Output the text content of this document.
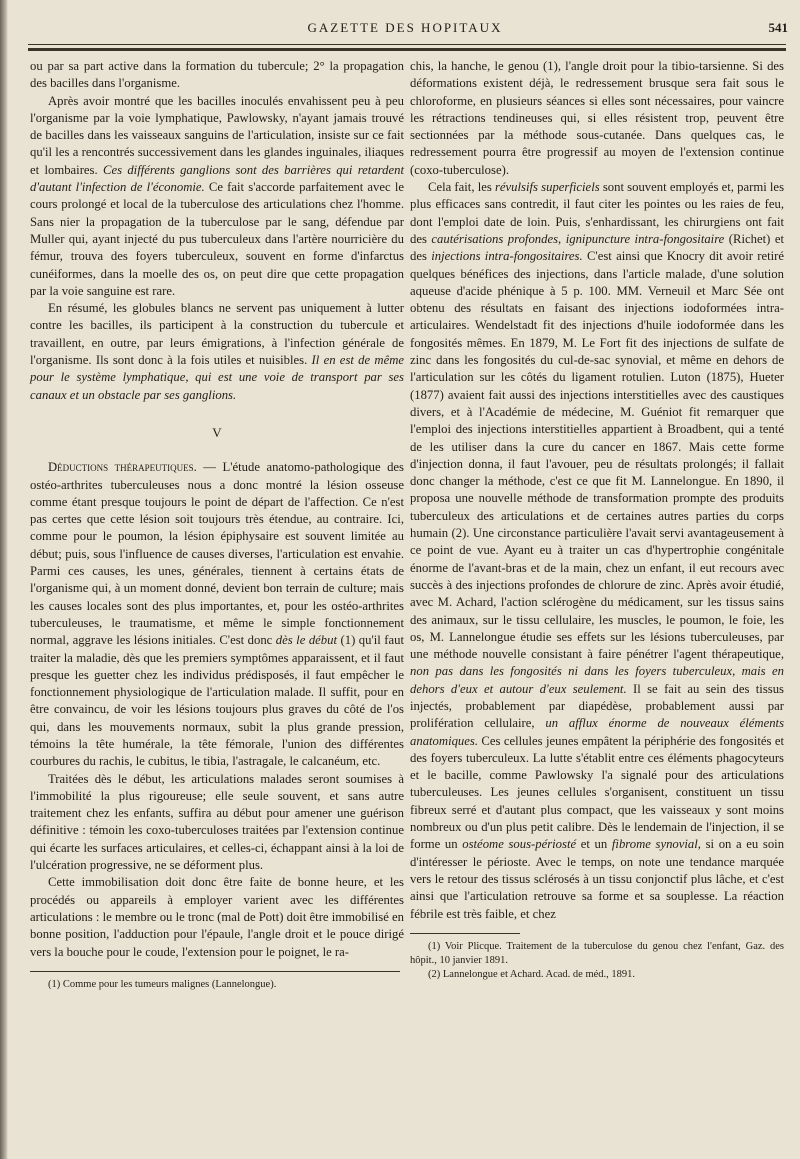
GAZETTE DES HOPITAUX	541

ou par sa part active dans la formation du tubercule; 2° la propagation des bacilles dans l'organisme.

Après avoir montré que les bacilles inoculés envahissent peu à peu l'organisme par la voie lymphatique, Pawlowsky, n'ayant jamais trouvé de bacilles dans les vaisseaux sanguins de l'articulation, insiste sur ce fait qu'il les a rencontrés successivement dans les glandes inguinales, iliaques et lombaires. Ces différents ganglions sont des barrières qui retardent d'autant l'infection de l'économie. Ce fait s'accorde parfaitement avec le cours prolongé et local de la tuberculose des articulations chez l'homme. Sans nier la propagation de la tuberculose par le sang, défendue par Muller qui, ayant injecté du pus tuberculeux dans l'artère nourricière du fémur, trouva des foyers tuberculeux, souvent en forme d'infarctus cunéiformes, dans la moelle des os, on peut dire que cette propagation par la voie sanguine est rare.

En résumé, les globules blancs ne servent pas uniquement à lutter contre les bacilles, ils participent à la construction du tubercule et travaillent, en outre, par leurs émigrations, à l'infection générale de l'organisme. Ils sont donc à la fois utiles et nuisibles. Il en est de même pour le système lymphatique, qui est une voie de transport par ses canaux et un obstacle par ses ganglions.

V

Déductions thérapeutiques. — L'étude anatomo-pathologique des ostéo-arthrites tuberculeuses nous a donc montré la lésion osseuse comme étant presque toujours le point de départ de l'affection. Ce n'est pas certes que cette lésion soit toujours très étendue, au contraire. Ici, comme pour le poumon, la lésion épiphysaire est souvent limitée au début; puis, sous l'influence de causes diverses, l'articulation est envahie. Parmi ces causes, les unes, générales, tiennent à certains états de l'organisme qui, à un moment donné, devient bon terrain de culture; mais les causes locales sont des plus importantes, et, pour les ostéo-arthrites tuberculeuses, le traumatisme, et même le simple fonctionnement normal, aggrave les lésions initiales. C'est donc dès le début (1) qu'il faut traiter la maladie, dès que les premiers symptômes apparaissent, et il faut presque les guetter chez les individus prédisposés, il faut empêcher le fonctionnement physiologique de l'articulation malade. Il suffit, pour en être convaincu, de voir les lésions toujours plus graves du côté de l'os qui, dans les mouvements normaux, subit la plus grande pression, témoins la tête humérale, la tête fémorale, l'union des différentes courbures du rachis, le cubitus, le tibia, l'astragale, le calcanéum, etc.

Traitées dès le début, les articulations malades seront soumises à l'immobilité la plus rigoureuse; elle seule souvent, et sans autre traitement chez les enfants, suffira au début pour amener une guérison définitive : témoin les coxo-tuberculoses traitées par l'extension continue qui écarte les surfaces articulaires, et celles-ci, échappant ainsi à la loi de l'ulcération progressive, ne se déforment plus.

Cette immobilisation doit donc être faite de bonne heure, et les procédés ou appareils à employer varient avec les différentes articulations : le membre ou le tronc (mal de Pott) doit être immobilisé en bonne position, l'adduction pour l'épaule, l'angle droit et le pouce dirigé vers la bouche pour le coude, l'extension pour le poignet, le ra-

(1) Comme pour les tumeurs malignes (Lannelongue).

chis, la hanche, le genou (1), l'angle droit pour la tibio-tarsienne. Si des déformations existent déjà, le redressement brusque sera fait sous le chloroforme, en plusieurs séances si elles sont nécessaires, pour vaincre les rétractions tendineuses qui, si elles résistent trop, peuvent être sectionnées par la méthode sous-cutanée. Dans quelques cas, le redressement pourra être progressif au moyen de l'extension continue (coxo-tuberculose).

Cela fait, les révulsifs superficiels sont souvent employés et, parmi les plus efficaces sans contredit, il faut citer les pointes ou les raies de feu, dont l'emploi date de loin. Puis, s'enhardissant, les chirurgiens ont fait des cautérisations profondes, ignipuncture intra-fongositaire (Richet) et des injections intra-fongositaires. C'est ainsi que Knocry dit avoir retiré quelques bénéfices des injections, dans l'article malade, d'une solution aqueuse d'acide phénique à 5 p. 100. MM. Verneuil et Marc Sée ont obtenu des résultats en faisant des injections iodoformées intra-articulaires. Wendelstadt fit des injections d'huile iodoformée dans les fongosités mêmes. En 1879, M. Le Fort fit des injections de sulfate de zinc dans les fongosités du cul-de-sac synovial, et même en dehors de l'articulation sur les côtés du ligament rotulien. Luton (1875), Hueter (1877) avaient fait aussi des injections interstitielles avec des caustiques divers, et à l'Académie de médecine, M. Guéniot fit remarquer que l'emploi des injections interstitielles appartient à Broadbent, qui a tenté de les utiliser dans la cure du cancer en 1867. Mais cette forme d'injection donna, il faut l'avouer, peu de résultats prolongés; il fallait donc changer la méthode, c'est ce que fit M. Lannelongue. En 1890, il proposa une nouvelle méthode de transformation prompte des produits tuberculeux des articulations et de certaines autres parties du corps humain (2). Une circonstance particulière l'avait servi avantageusement à ce point de vue. Ayant eu à traiter un cas d'hypertrophie congénitale énorme de l'avant-bras et de la main, chez un enfant, il eut recours avec succès à des injections profondes de chlorure de zinc. Après avoir étudié, avec M. Achard, l'action sclérogène du médicament, sur les tissus sains des animaux, sur le tissu cellulaire, les muscles, le poumon, le foie, les os, M. Lannelongue étudie ses effets sur les lésions tuberculeuses, par une méthode nouvelle consistant à faire pénétrer l'agent thérapeutique, non pas dans les fongosités ni dans les foyers tuberculeux, mais en dehors d'eux et autour d'eux seulement. Il se fait au sein des tissus injectés, probablement par diapédèse, probablement aussi par prolifération cellulaire, un afflux énorme de nouveaux éléments anatomiques. Ces cellules jeunes empâtent la périphérie des fongosités et des foyers tuberculeux. La lutte s'établit entre ces éléments phagocyteurs et le bacille, comme Pawlowsky l'a signalé pour des articulations tuberculeuses. Les jeunes cellules s'organisent, constituent un tissu fibreux serré et d'autant plus compact, que les vaisseaux y sont moins nombreux ou d'un plus petit calibre. Dès le lendemain de l'injection, il se forme un ostéome sous-périosté et un fibrome synovial, si on a eu soin d'intéresser le périoste. Avec le temps, on note une tendance marquée vers le retour des tissus sclérosés à un tissu conjonctif plus lâche, et c'est ainsi que l'articulation retrouve sa forme et sa souplesse. La réaction fébrile est très faible, et chez

(1) Voir Plicque. Traitement de la tuberculose du genou chez l'enfant, Gaz. des hôpit., 10 janvier 1891.

(2) Lannelongue et Achard. Acad. de méd., 1891.
